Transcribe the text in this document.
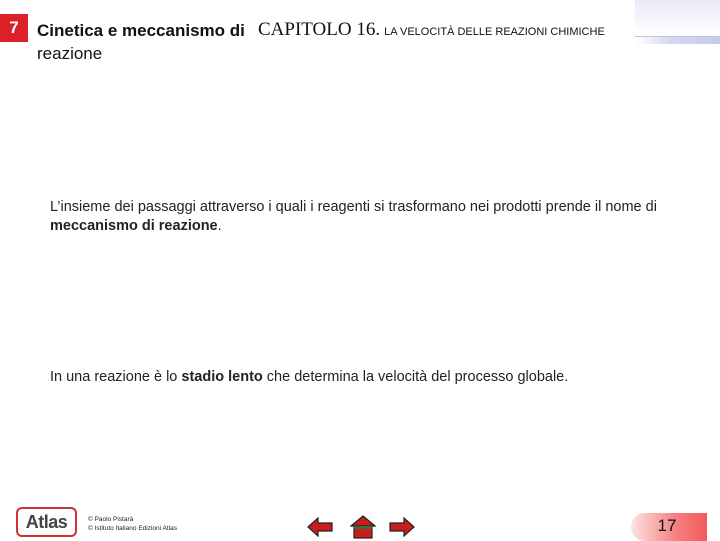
7 Cinetica e meccanismo di
reazione
CAPITOLO 16. LA VELOCITÀ DELLE REAZIONI CHIMICHE
L’insieme dei passaggi attraverso i quali i reagenti si trasformano nei prodotti prende il nome di meccanismo di reazione.
In una reazione è lo stadio lento che determina la velocità del processo globale.
Atlas	© Paolo Pistarà
© Istituto Italiano Edizioni Atlas	17
